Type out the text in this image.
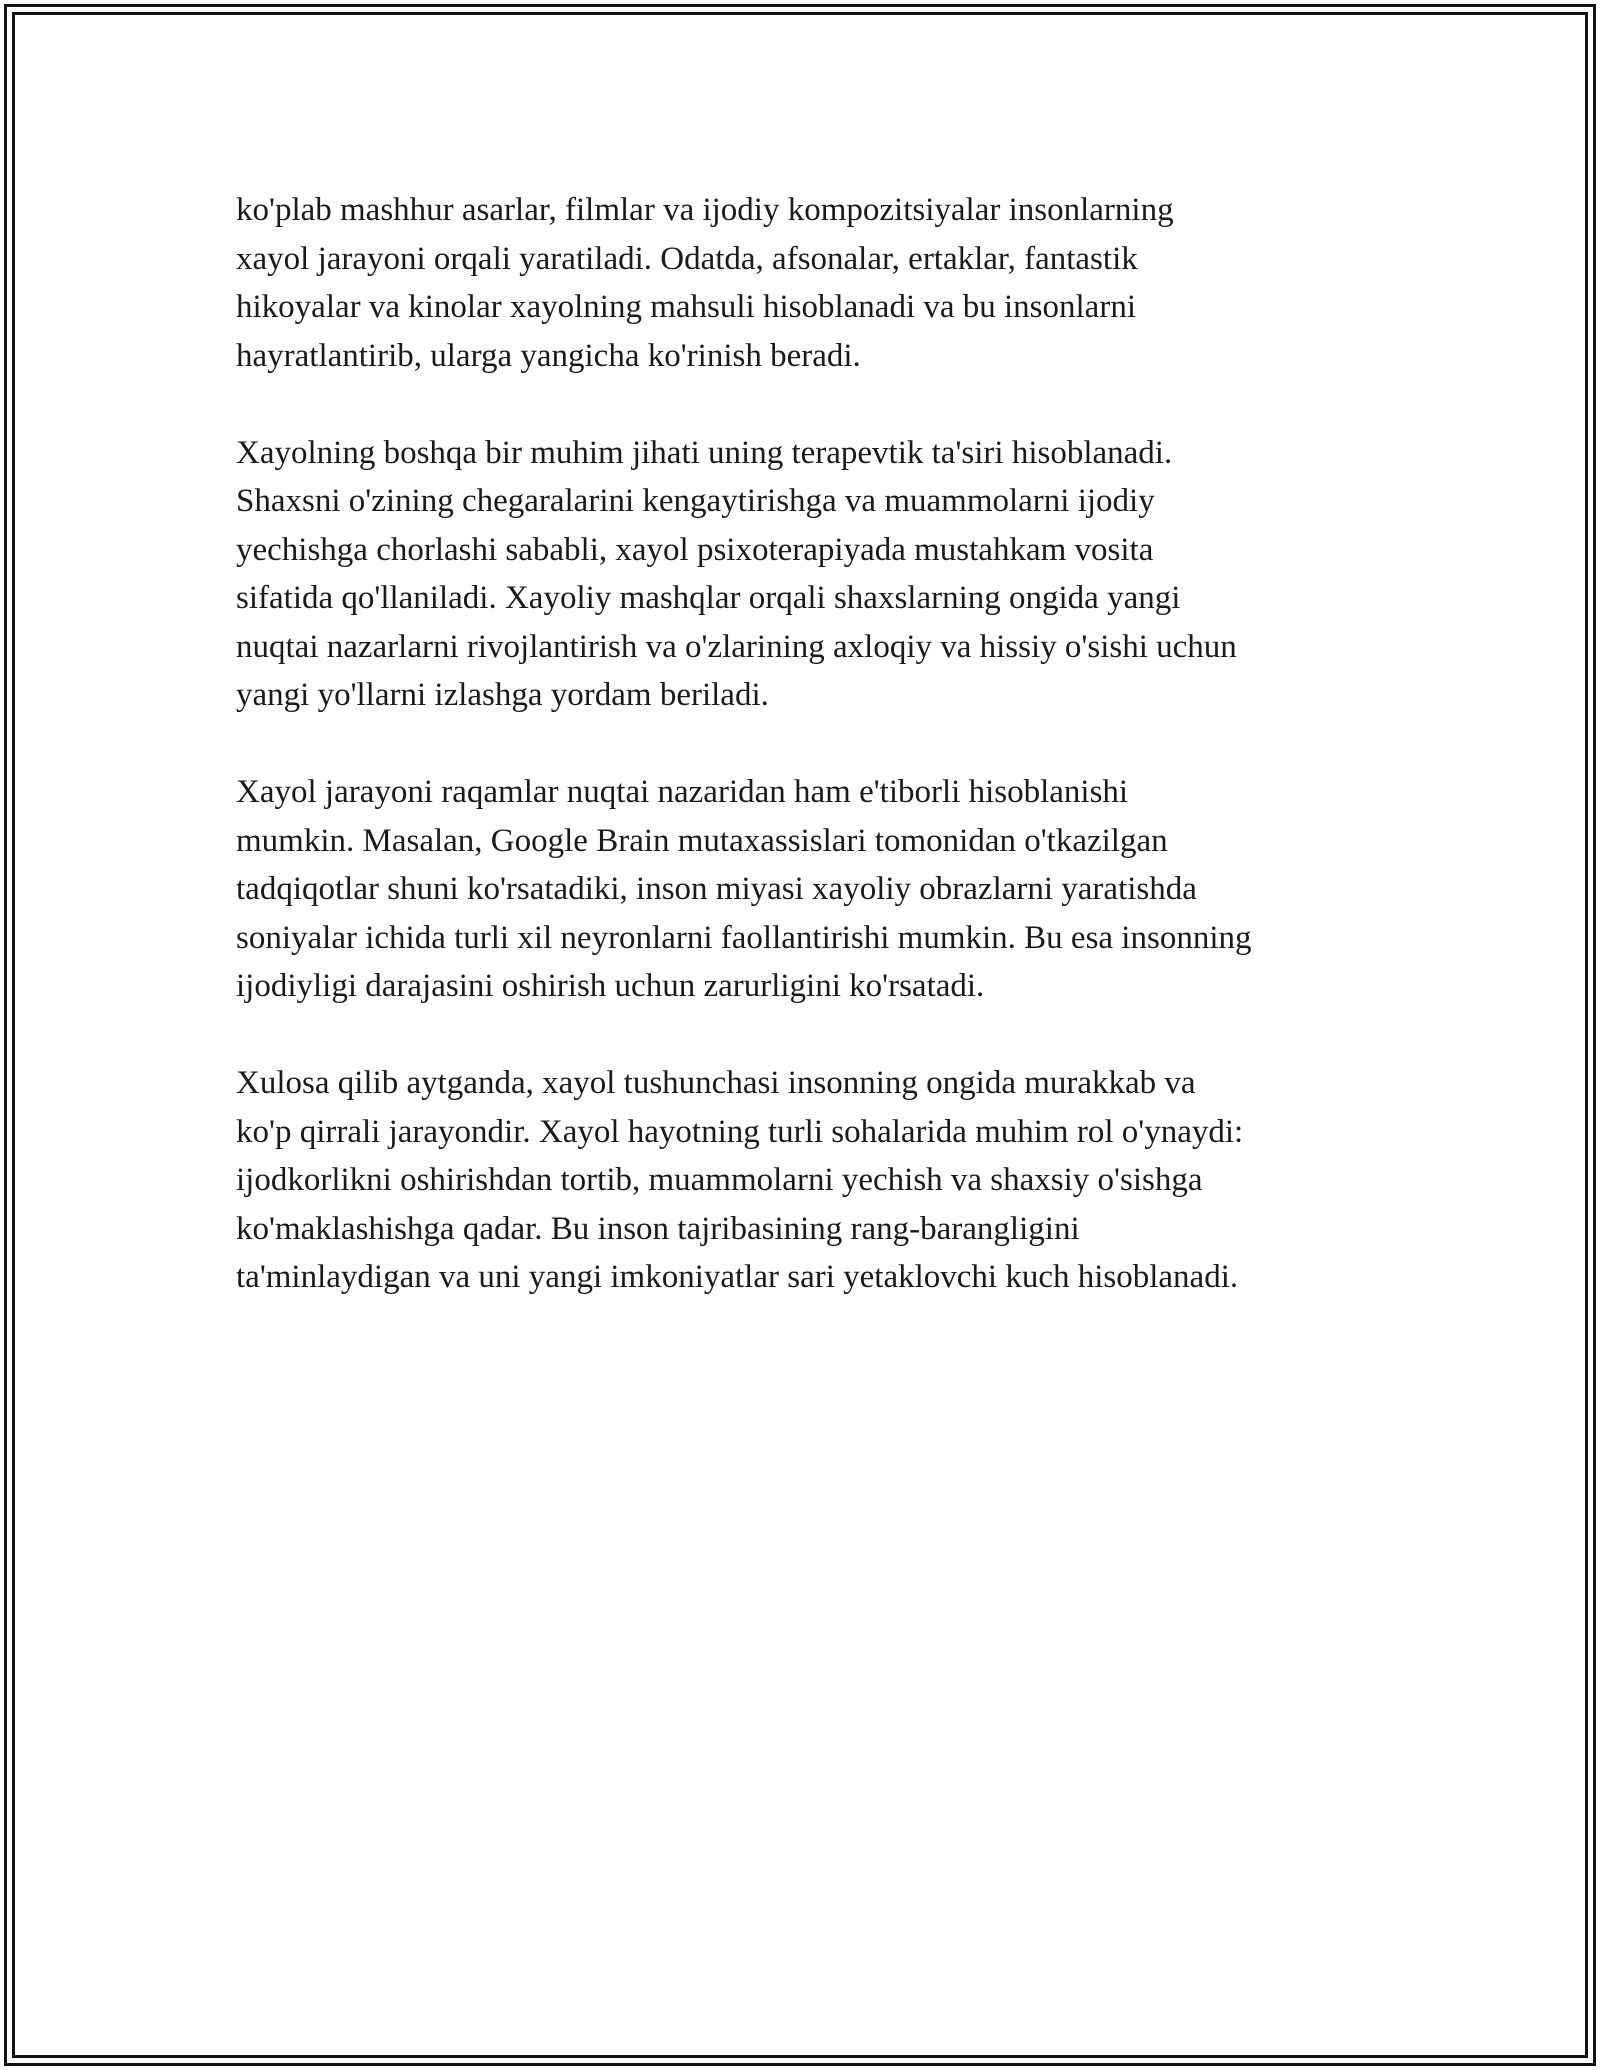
ko'plab mashhur asarlar, filmlar va ijodiy kompozitsiyalar insonlarning
xayol jarayoni orqali yaratiladi. Odatda, afsonalar, ertaklar, fantastik
hikoyalar va kinolar xayolning mahsuli hisoblanadi va bu insonlarni
hayratlantirib, ularga yangicha ko'rinish beradi.

Xayolning boshqa bir muhim jihati uning terapevtik ta'siri hisoblanadi.
Shaxsni o'zining chegaralarini kengaytirishga va muammolarni ijodiy
yechishga chorlashi sababli, xayol psixoterapiyada mustahkam vosita
sifatida qo'llaniladi. Xayoliy mashqlar orqali shaxslarning ongida yangi
nuqtai nazarlarni rivojlantirish va o'zlarining axloqiy va hissiy o'sishi uchun
yangi yo'llarni izlashga yordam beriladi.

Xayol jarayoni raqamlar nuqtai nazaridan ham e'tiborli hisoblanishi
mumkin. Masalan, Google Brain mutaxassislari tomonidan o'tkazilgan
tadqiqotlar shuni ko'rsatadiki, inson miyasi xayoliy obrazlarni yaratishda
soniyalar ichida turli xil neyronlarni faollantirishi mumkin. Bu esa insonning
ijodiyligi darajasini oshirish uchun zarurligini ko'rsatadi.

Xulosa qilib aytganda, xayol tushunchasi insonning ongida murakkab va
ko'p qirrali jarayondir. Xayol hayotning turli sohalarida muhim rol o'ynaydi:
ijodkorlikni oshirishdan tortib, muammolarni yechish va shaxsiy o'sishga
ko'maklashishga qadar. Bu inson tajribasining rang-barangligini
ta'minlaydigan va uni yangi imkoniyatlar sari yetaklovchi kuch hisoblanadi.
